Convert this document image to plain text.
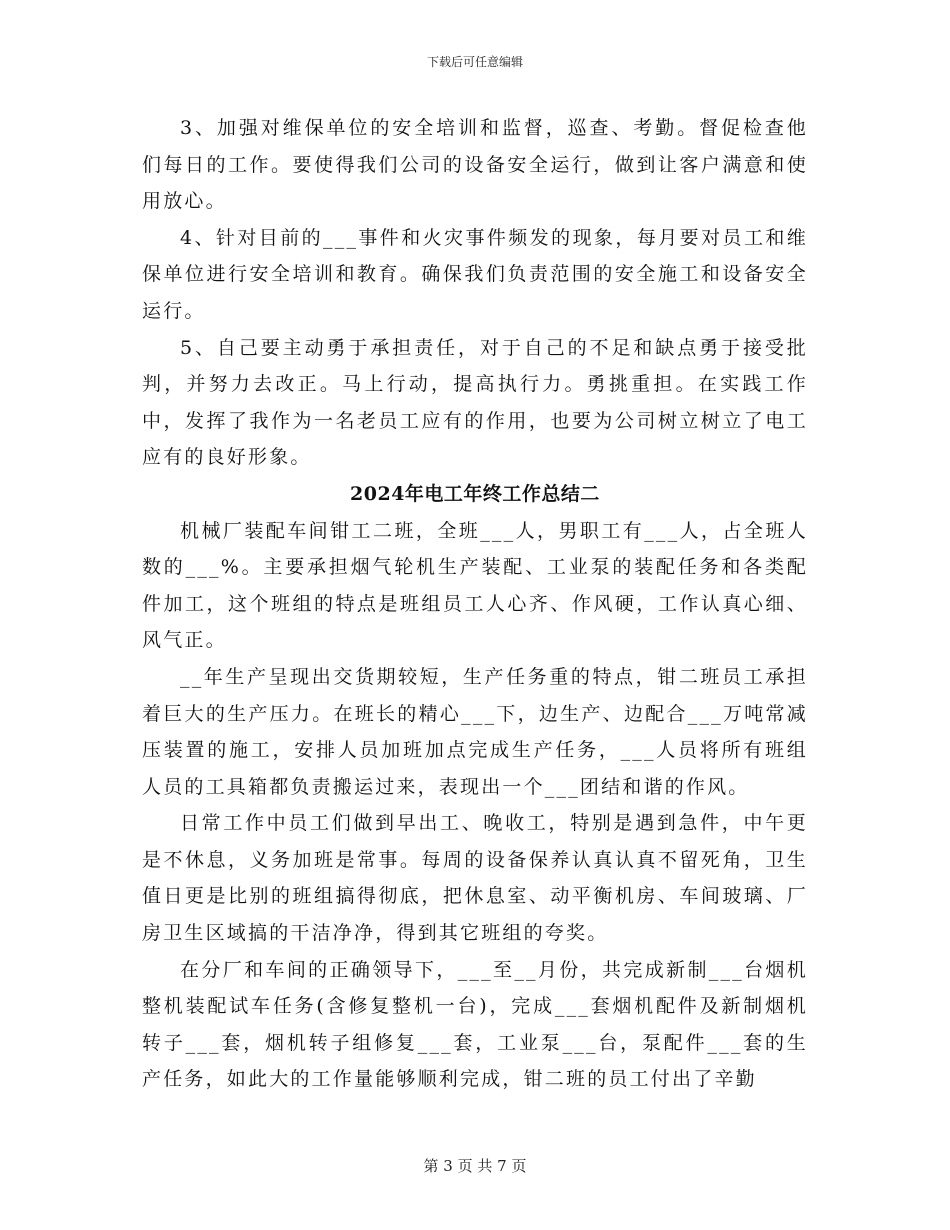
下载后可任意编辑

3、加强对维保单位的安全培训和监督，巡查、考勤。督促检查他们每日的工作。要使得我们公司的设备安全运行，做到让客户满意和使用放心。

4、针对目前的___事件和火灾事件频发的现象，每月要对员工和维保单位进行安全培训和教育。确保我们负责范围的安全施工和设备安全运行。

5、自己要主动勇于承担责任，对于自己的不足和缺点勇于接受批判，并努力去改正。马上行动，提高执行力。勇挑重担。在实践工作中，发挥了我作为一名老员工应有的作用，也要为公司树立树立了电工应有的良好形象。

2024年电工年终工作总结二

机械厂装配车间钳工二班，全班___人，男职工有___人，占全班人数的___%。主要承担烟气轮机生产装配、工业泵的装配任务和各类配件加工，这个班组的特点是班组员工人心齐、作风硬，工作认真心细、风气正。

__年生产呈现出交货期较短，生产任务重的特点，钳二班员工承担着巨大的生产压力。在班长的精心___下，边生产、边配合___万吨常减压装置的施工，安排人员加班加点完成生产任务，___人员将所有班组人员的工具箱都负责搬运过来，表现出一个___团结和谐的作风。

日常工作中员工们做到早出工、晚收工，特别是遇到急件，中午更是不休息，义务加班是常事。每周的设备保养认真认真不留死角，卫生值日更是比别的班组搞得彻底，把休息室、动平衡机房、车间玻璃、厂房卫生区域搞的干洁净净，得到其它班组的夸奖。

在分厂和车间的正确领导下，___至__月份，共完成新制___台烟机整机装配试车任务(含修复整机一台)，完成___套烟机配件及新制烟机转子___套，烟机转子组修复___套，工业泵___台，泵配件___套的生产任务，如此大的工作量能够顺利完成，钳二班的员工付出了辛勤

第 3 页 共 7 页
